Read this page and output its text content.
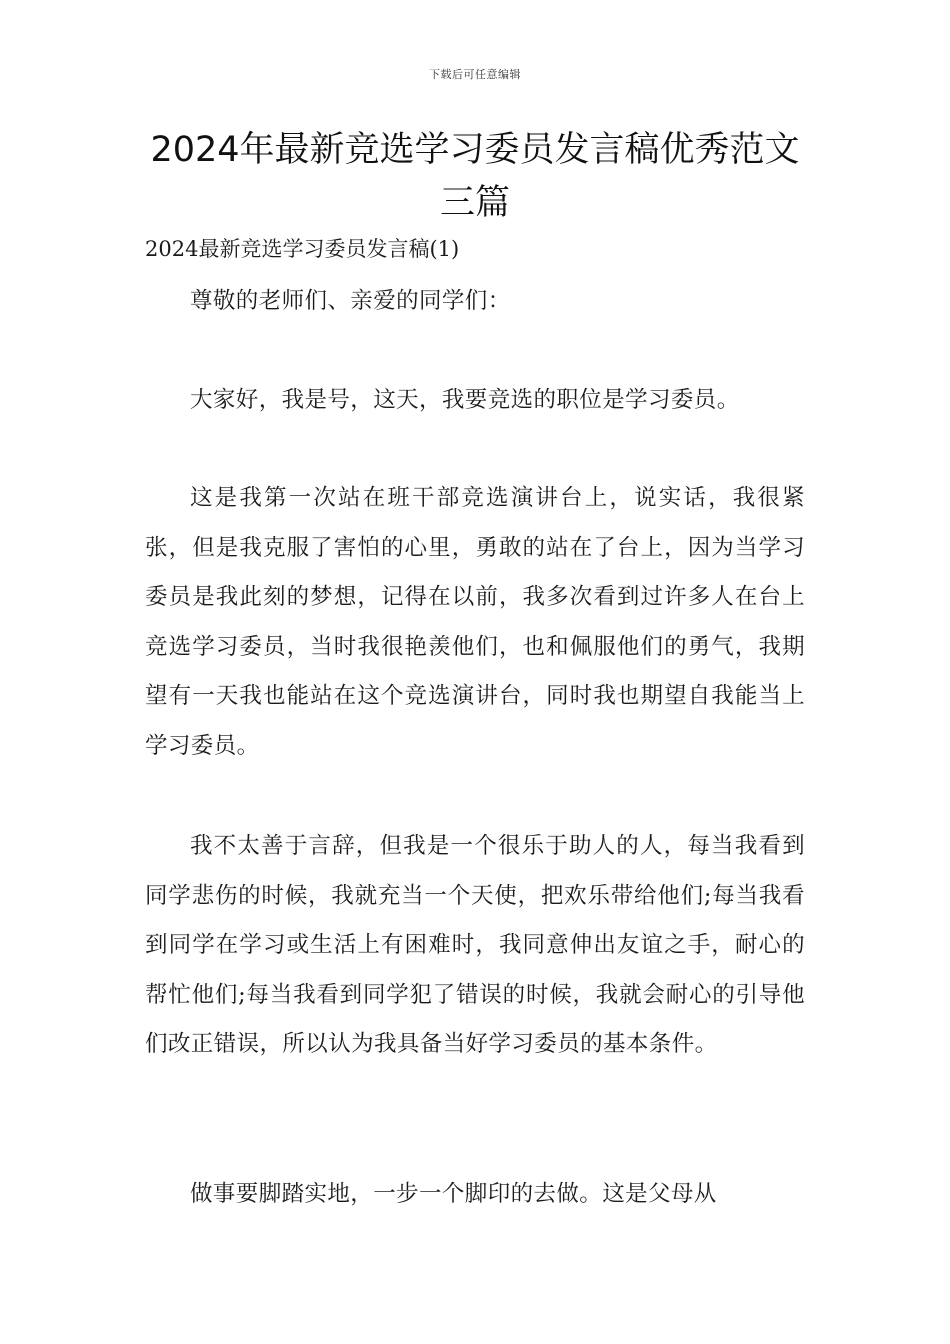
下载后可任意编辑
2024年最新竞选学习委员发言稿优秀范文三篇

2024最新竞选学习委员发言稿(1)

尊敬的老师们、亲爱的同学们：

大家好，我是号，这天，我要竞选的职位是学习委员。

这是我第一次站在班干部竞选演讲台上，说实话，我很紧张，但是我克服了害怕的心里，勇敢的站在了台上，因为当学习委员是我此刻的梦想，记得在以前，我多次看到过许多人在台上竞选学习委员，当时我很艳羡他们，也和佩服他们的勇气，我期望有一天我也能站在这个竞选演讲台，同时我也期望自我能当上学习委员。

我不太善于言辞，但我是一个很乐于助人的人，每当我看到同学悲伤的时候，我就充当一个天使，把欢乐带给他们;每当我看到同学在学习或生活上有困难时，我同意伸出友谊之手，耐心的帮忙他们;每当我看到同学犯了错误的时候，我就会耐心的引导他们改正错误，所以认为我具备当好学习委员的基本条件。

做事要脚踏实地，一步一个脚印的去做。这是父母从
